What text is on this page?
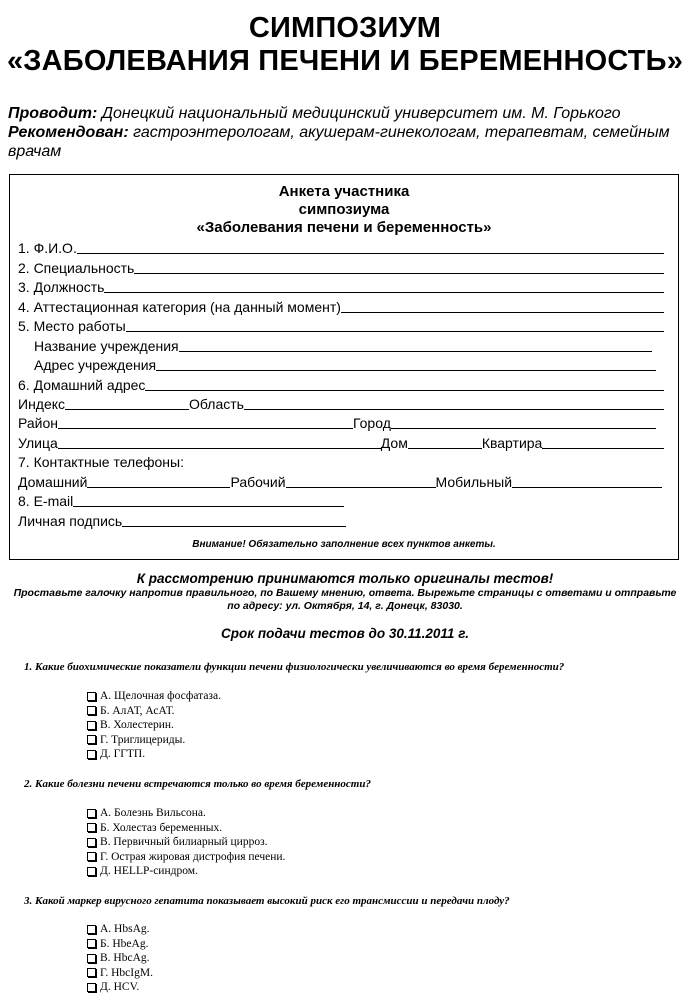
СИМПОЗИУМ

«ЗАБОЛЕВАНИЯ ПЕЧЕНИ И БЕРЕМЕННОСТЬ»

Проводит: Донецкий национальный медицинский университет им. М. Горького
Рекомендован: гастроэнтерологам, акушерам-гинекологам, терапевтам, семейным врачам
Анкета участника
симпозиума
«Заболевания печени и беременность»
1. Ф.И.О.
2. Специальность
3. Должность
4. Аттестационная категория (на данный момент)
5. Место работы
Название учреждения
Адрес учреждения
6. Домашний адрес
Индекс	Область
Район	Город
Улица	Дом	Квартира
7. Контактные телефоны:
Домашний	Рабочий	Мобильный
8. E-mail
Личная подпись
Внимание! Обязательно заполнение всех пунктов анкеты.
К рассмотрению принимаются только оригиналы тестов!
Проставьте галочку напротив правильного, по Вашему мнению, ответа. Вырежьте страницы с ответами и отправьте
по адресу: ул. Октября, 14, г. Донецк, 83030.
Срок подачи тестов до 30.11.2011 г.
1. Какие биохимические показатели функции печени физиологически увеличиваются во время беременности?
А. Щелочная фосфатаза.
Б. АлАТ, АсАТ.
В. Холестерин.
Г. Триглицериды.
Д. ГГТП.
2. Какие болезни печени встречаются только во время беременности?
А. Болезнь Вильсона.
Б. Холестаз беременных.
В. Первичный билиарный цирроз.
Г. Острая жировая дистрофия печени.
Д. HELLP-синдром.
3. Какой маркер вирусного гепатита показывает высокий риск его трансмиссии и передачи плоду?
А. HbsAg.
Б. HbeAg.
В. HbcAg.
Г. HbcIgM.
Д. HCV.
